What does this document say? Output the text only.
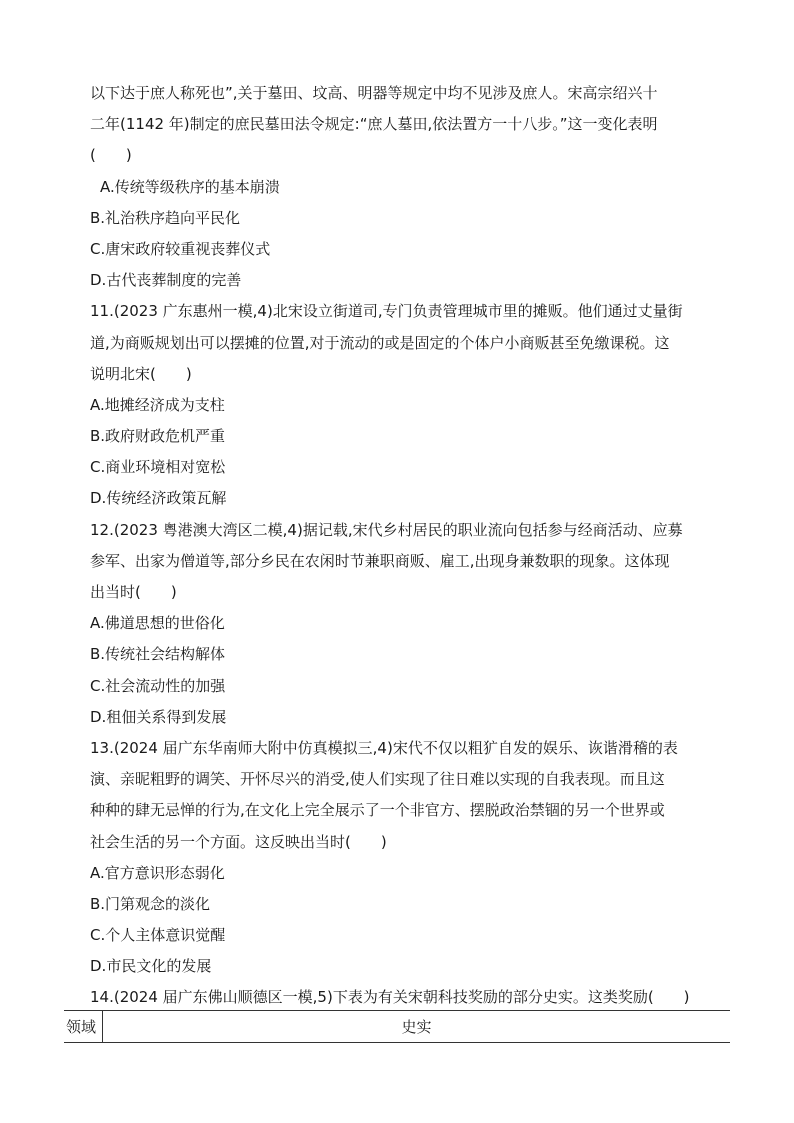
以下达于庶人称死也”,关于墓田、坟高、明器等规定中均不见涉及庶人。宋高宗绍兴十
二年(1142 年)制定的庶民墓田法令规定:“庶人墓田,依法置方一十八步。”这一变化表明
(　　)
A.传统等级秩序的基本崩溃
B.礼治秩序趋向平民化
C.唐宋政府较重视丧葬仪式
D.古代丧葬制度的完善
11.(2023 广东惠州一模,4)北宋设立街道司,专门负责管理城市里的摊贩。他们通过丈量街
道,为商贩规划出可以摆摊的位置,对于流动的或是固定的个体户小商贩甚至免缴课税。这
说明北宋(　　)
A.地摊经济成为支柱
B.政府财政危机严重
C.商业环境相对宽松
D.传统经济政策瓦解
12.(2023 粤港澳大湾区二模,4)据记载,宋代乡村居民的职业流向包括参与经商活动、应募
参军、出家为僧道等,部分乡民在农闲时节兼职商贩、雇工,出现身兼数职的现象。这体现
出当时(　　)
A.佛道思想的世俗化
B.传统社会结构解体
C.社会流动性的加强
D.租佃关系得到发展
13.(2024 届广东华南师大附中仿真模拟三,4)宋代不仅以粗犷自发的娱乐、诙谐滑稽的表
演、亲昵粗野的调笑、开怀尽兴的消受,使人们实现了往日难以实现的自我表现。而且这
种种的肆无忌惮的行为,在文化上完全展示了一个非官方、摆脱政治禁锢的另一个世界或
社会生活的另一个方面。这反映出当时(　　)
A.官方意识形态弱化
B.门第观念的淡化
C.个人主体意识觉醒
D.市民文化的发展
14.(2024 届广东佛山顺德区一模,5)下表为有关宋朝科技奖励的部分史实。这类奖励(　　)
领域	史实
